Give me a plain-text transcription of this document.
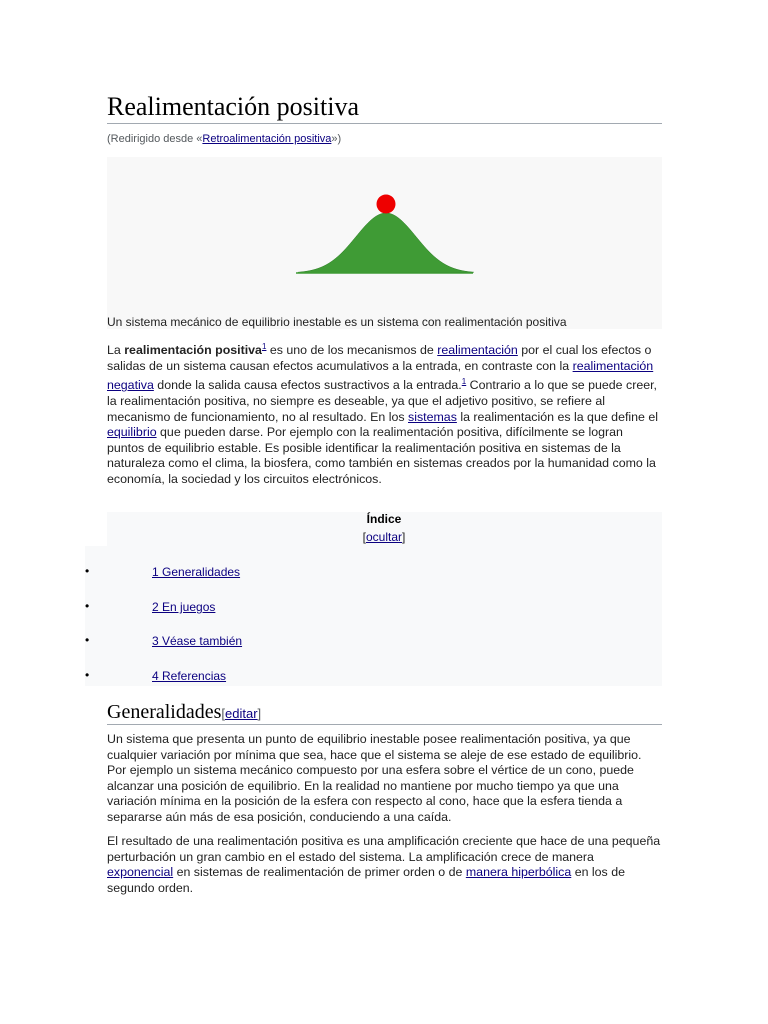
Realimentación positiva
(Redirigido desde «Retroalimentación positiva»)
Un sistema mecánico de equilibrio inestable es un sistema con realimentación positiva

La realimentación positiva$^1$ es uno de los mecanismos de realimentación por el cual los efectos o salidas de un sistema causan efectos acumulativos a la entrada, en contraste con la realimentación negativa donde la salida causa efectos sustractivos a la entrada.$^1$ Contrario a lo que se puede creer, la realimentación positiva, no siempre es deseable, ya que el adjetivo positivo, se refiere al mecanismo de funcionamiento, no al resultado. En los sistemas la realimentación es la que define el equilibrio que pueden darse. Por ejemplo con la realimentación positiva, difícilmente se logran puntos de equilibrio estable. Es posible identificar la realimentación positiva en sistemas de la naturaleza como el clima, la biosfera, como también en sistemas creados por la humanidad como la economía, la sociedad y los circuitos electrónicos.

Índice
[ocultar]
•	1 Generalidades
•	2 En juegos
•	3 Véase también
•	4 Referencias
Generalidades[editar]

Un sistema que presenta un punto de equilibrio inestable posee realimentación positiva, ya que cualquier variación por mínima que sea, hace que el sistema se aleje de ese estado de equilibrio. Por ejemplo un sistema mecánico compuesto por una esfera sobre el vértice de un cono, puede alcanzar una posición de equilibrio. En la realidad no mantiene por mucho tiempo ya que una variación mínima en la posición de la esfera con respecto al cono, hace que la esfera tienda a separarse aún más de esa posición, conduciendo a una caída.

El resultado de una realimentación positiva es una amplificación creciente que hace de una pequeña perturbación un gran cambio en el estado del sistema. La amplificación crece de manera exponencial en sistemas de realimentación de primer orden o de manera hiperbólica en los de segundo orden.
